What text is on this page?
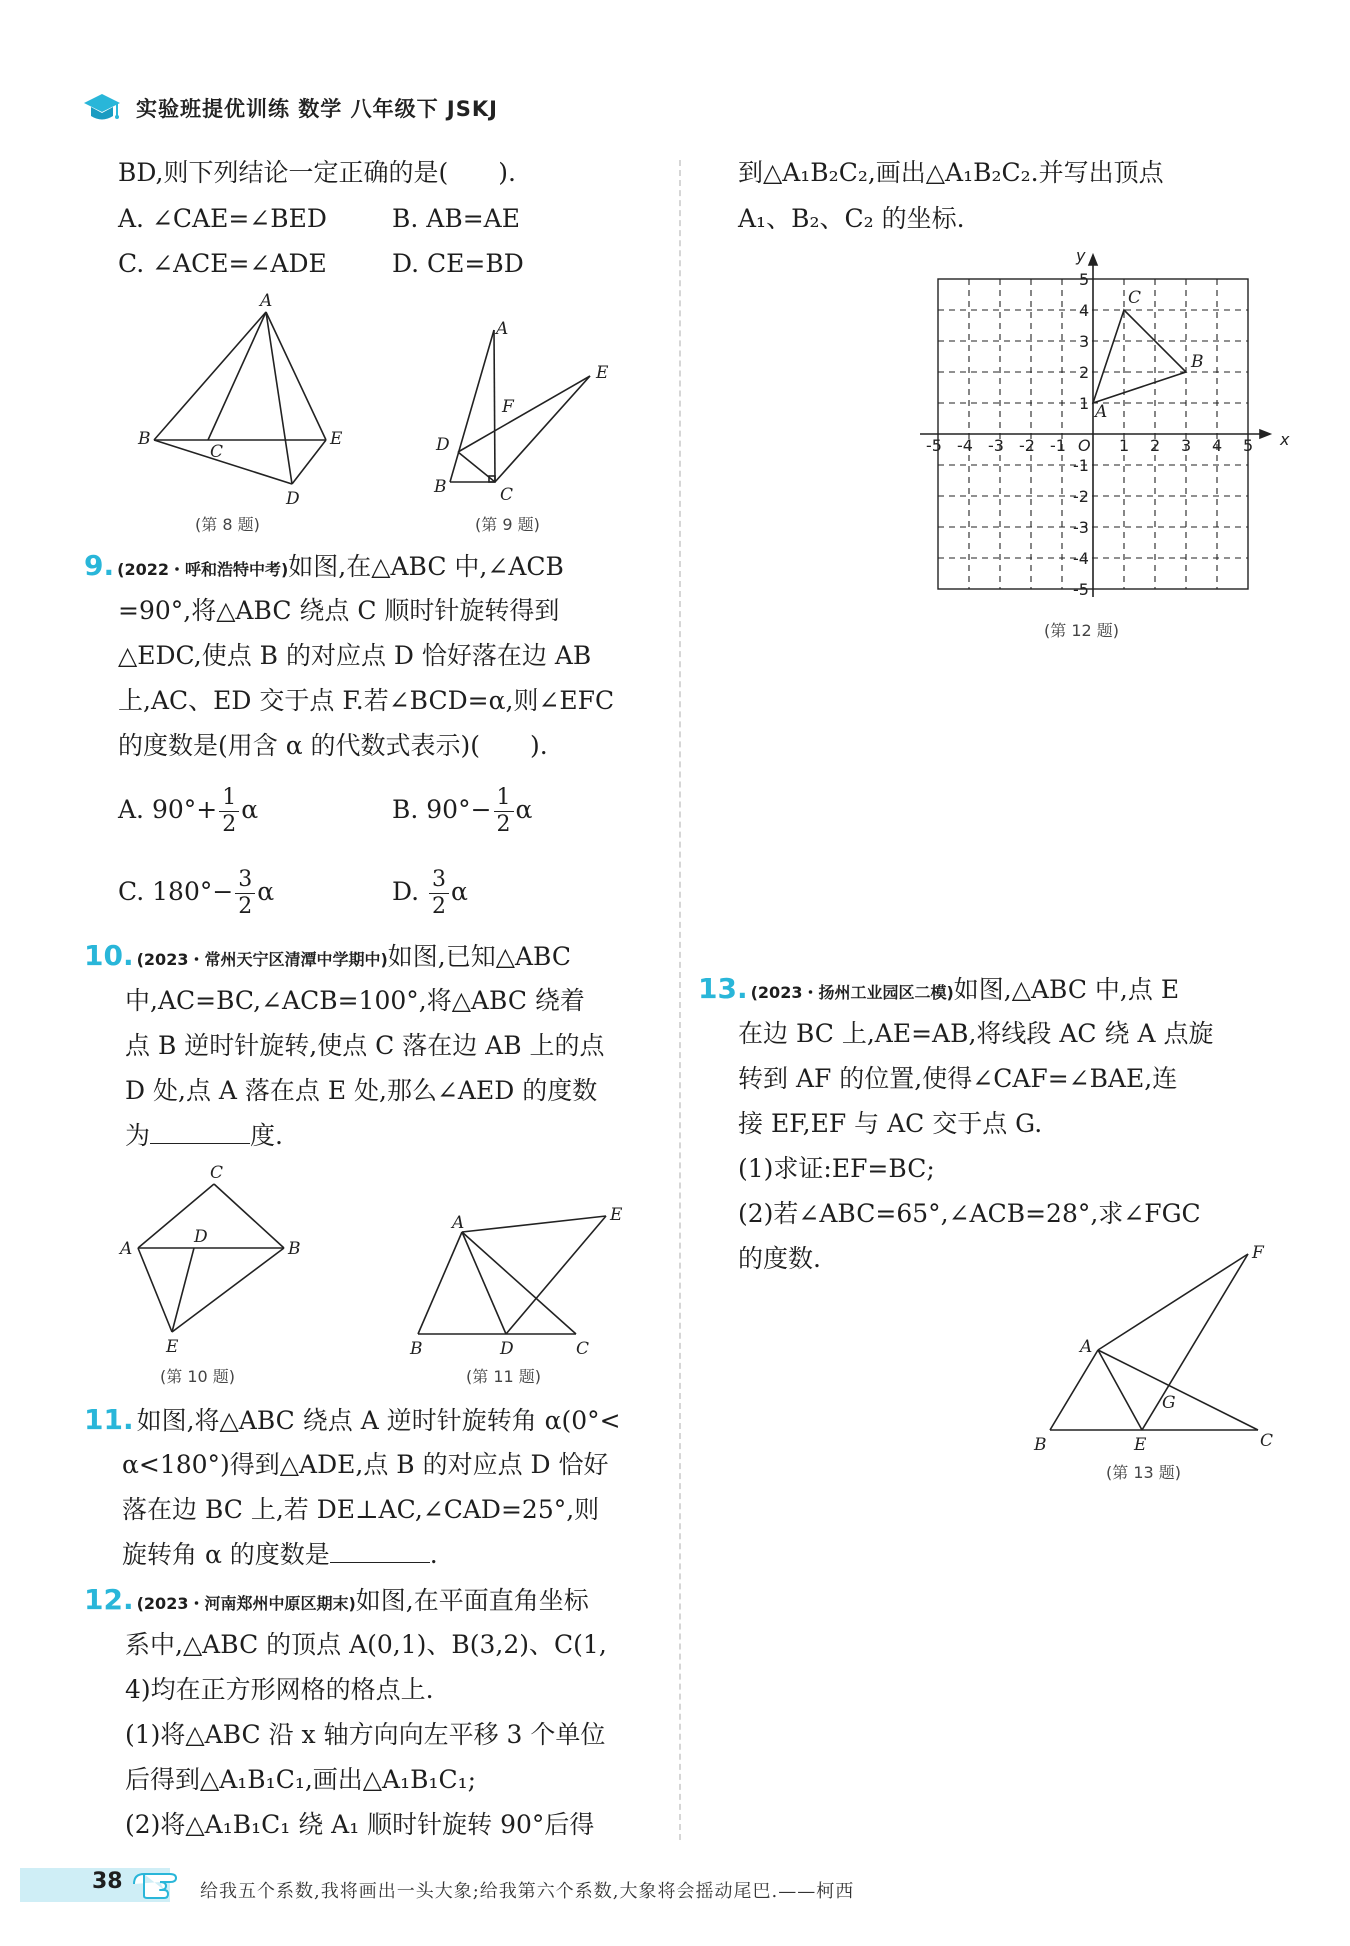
实验班提优训练 数学 八年级下 JSKJ
BD,则下列结论一定正确的是(　　).
A. ∠CAE=∠BED	B. AB=AE
C. ∠ACE=∠ADE	D. CE=BD
A
B
C
D
E
(第 8 题)
A
B	C
D
E
F
(第 9 题)
9. (2022・呼和浩特中考)如图,在△ABC 中,∠ACB
=90°,将△ABC 绕点 C 顺时针旋转得到
△EDC,使点 B 的对应点 D 恰好落在边 AB
上,AC、ED 交于点 F.若∠BCD=α,则∠EFC
的度数是(用含 α 的代数式表示)(　　).
A. $90^\circ+ \frac{1}{2}$ α	B. $90^\circ- \frac{1}{2}$ α
C. $180^\circ- \frac{3}{2}$ α	D. $\frac{3}{2}$ α
10. (2023・常州天宁区清潭中学期中)如图,已知△ABC
中,AC=BC,∠ACB=100°,将△ABC 绕着
点 B 逆时针旋转,使点 C 落在边 AB 上的点
D 处,点 A 落在点 E 处,那么∠AED 的度数
为	度.
C
A	B
D
E
(第 10 题)
A	E
B	D	C
(第 11 题)
11. 如图,将△ABC 绕点 A 逆时针旋转角 α(0°<
α<180°)得到△ADE,点 B 的对应点 D 恰好
落在边 BC 上,若 DE⊥AC,∠CAD=25°,则
旋转角 α 的度数是	.
12. (2023・河南郑州中原区期末)如图,在平面直角坐标
系中,△ABC 的顶点 A(0,1)、B(3,2)、C(1,
4)均在正方形网格的格点上.
(1)将△ABC 沿 x 轴方向向左平移 3 个单位
后得到△A₁B₁C₁,画出△A₁B₁C₁;
(2)将△A₁B₁C₁ 绕 A₁ 顺时针旋转 90°后得
到△A₁B₂C₂,画出△A₁B₂C₂.并写出顶点
A₁、B₂、C₂ 的坐标.
x
y
O
-5 -4 -3 -2 -1	1 2 3 4 5
5
4
3
2
1
-1
-2
-3
-4
-5
A
B
C
(第 12 题)
13. (2023・扬州工业园区二模)如图,△ABC 中,点 E
在边 BC 上,AE=AB,将线段 AC 绕 A 点旋
转到 AF 的位置,使得∠CAF=∠BAE,连
接 EF,EF 与 AC 交于点 G.
(1)求证:EF=BC;
(2)若∠ABC=65°,∠ACB=28°,求∠FGC
的度数.
A
B	C
E
F
G
(第 13 题)
38	给我五个系数,我将画出一头大象;给我第六个系数,大象将会摇动尾巴.——柯西
